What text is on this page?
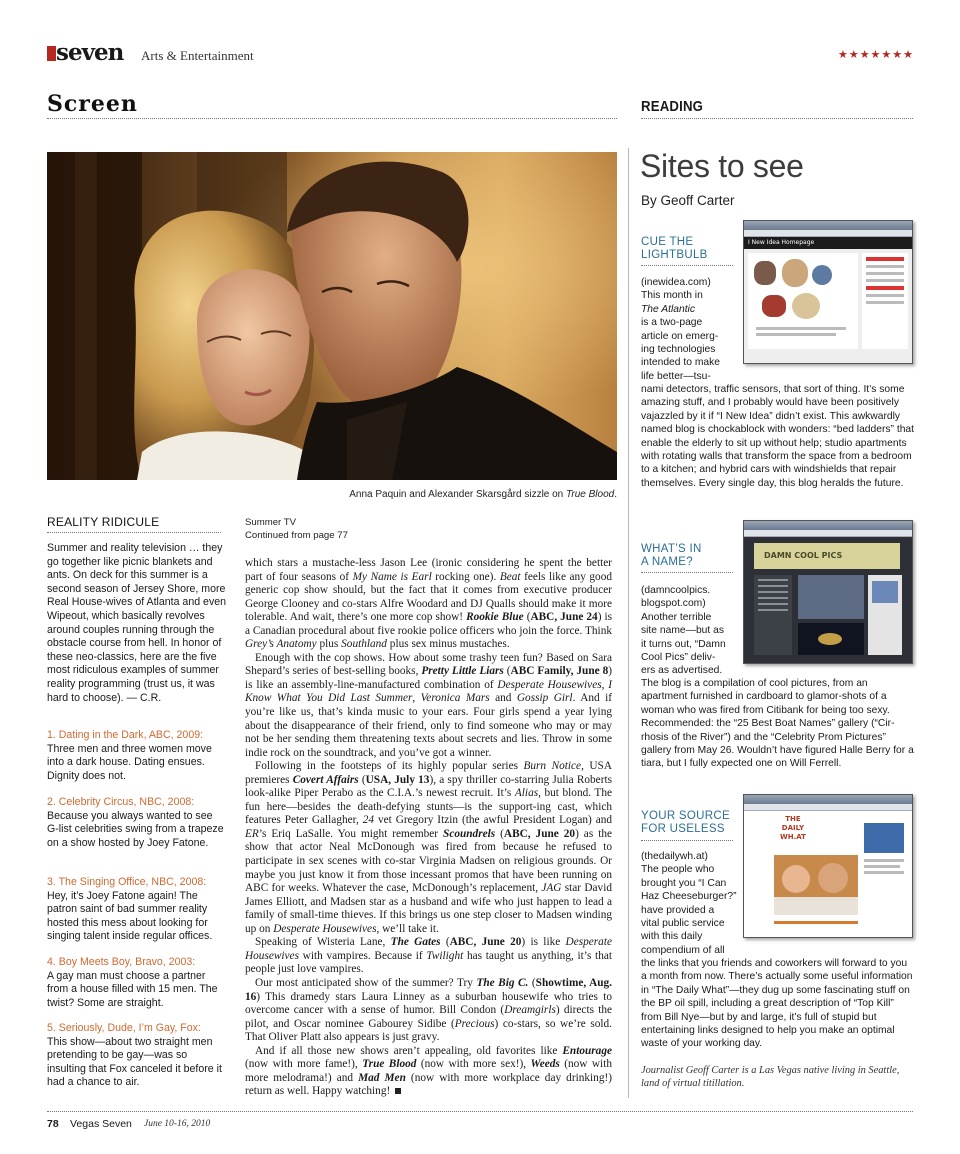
seven Arts & Entertainment	★★★★★★★
Screen	READING
Anna Paquin and Alexander Skarsgård sizzle on True Blood.
REALITY RIDICULE
Summer and reality television … they go together like picnic blankets and ants. On deck for this summer is a second season of Jersey Shore, more Real House-wives of Atlanta and even Wipeout, which basically revolves around couples running through the obstacle course from hell. In honor of these neo-classics, here are the five most ridiculous examples of summer reality programming (trust us, it was hard to choose). — C.R.
1. Dating in the Dark, ABC, 2009:
Three men and three women move into a dark house. Dating ensues. Dignity does not.
2. Celebrity Circus, NBC, 2008:
Because you always wanted to see G-list celebrities swing from a trapeze on a show hosted by Joey Fatone.
3. The Singing Office, NBC, 2008:
Hey, it’s Joey Fatone again! The patron saint of bad summer reality hosted this mess about looking for singing talent inside regular offices.
4. Boy Meets Boy, Bravo, 2003:
A gay man must choose a partner from a house filled with 15 men. The twist? Some are straight.
5. Seriously, Dude, I’m Gay, Fox:
This show—about two straight men pretending to be gay—was so insulting that Fox canceled it before it had a chance to air.
Summer TV
Continued from page 77

which stars a mustache-less Jason Lee (ironic considering he spent the better part of four seasons of My Name is Earl rocking one). Beat feels like any good generic cop show should, but the fact that it comes from executive producer George Clooney and co-stars Alfre Woodard and DJ Qualls should make it more tolerable. And wait, there’s one more cop show! Rookie Blue (ABC, June 24) is a Canadian procedural about five rookie police officers who join the force. Think Grey’s Anatomy plus Southland plus sex minus mustaches.

Enough with the cop shows. How about some trashy teen fun? Based on Sara Shepard’s series of best-selling books, Pretty Little Liars (ABC Family, June 8) is like an assembly-line-manufactured combination of Desperate Housewives, I Know What You Did Last Summer, Veronica Mars and Gossip Girl. And if you’re like us, that’s kinda music to your ears. Four girls spend a year lying about the disappearance of their friend, only to find someone who may or may not be her sending them threatening texts about secrets and lies. Throw in some indie rock on the soundtrack, and you’ve got a winner.

Following in the footsteps of its highly popular series Burn Notice, USA premieres Covert Affairs (USA, July 13), a spy thriller co-starring Julia Roberts look-alike Piper Perabo as the C.I.A.’s newest recruit. It’s Alias, but blond. The fun here—besides the death-defying stunts—is the support-ing cast, which features Peter Gallagher, 24 vet Gregory Itzin (the awful President Logan) and ER’s Eriq LaSalle. You might remember Scoundrels (ABC, June 20) as the show that actor Neal McDonough was fired from because he refused to participate in sex scenes with co-star Virginia Madsen on religious grounds. Or maybe you just know it from those incessant promos that have been running on ABC for weeks. Whatever the case, McDonough’s replacement, JAG star David James Elliott, and Madsen star as a husband and wife who just happen to lead a family of small-time thieves. If this brings us one step closer to Madsen winding up on Desperate Housewives, we’ll take it.

Speaking of Wisteria Lane, The Gates (ABC, June 20) is like Desperate Housewives with vampires. Because if Twilight has taught us anything, it’s that people just love vampires.

Our most anticipated show of the summer? Try The Big C. (Showtime, Aug. 16) This dramedy stars Laura Linney as a suburban housewife who tries to overcome cancer with a sense of humor. Bill Condon (Dreamgirls) directs the pilot, and Oscar nominee Gabourey Sidibe (Precious) co-stars, so we’re sold. That Oliver Platt also appears is just gravy.

And if all those new shows aren’t appealing, old favorites like Entourage (now with more fame!), True Blood (now with more sex!), Weeds (now with more melodrama!) and Mad Men (now with more workplace day drinking!) return as well. Happy watching!

Sites to see
By Geoff Carter
CUE THE
LIGHTBULB
I New Idea Homepage
(inewidea.com)
This month in
The Atlantic
is a two-page
article on emerg-
ing technologies
intended to make
life better—tsu-
nami detectors, traffic sensors, that sort of thing. It’s some amazing stuff, and I probably would have been positively vajazzled by it if “I New Idea” didn’t exist. This awkwardly named blog is chockablock with wonders: “bed ladders” that enable the elderly to sit up without help; studio apartments with rotating walls that transform the space from a bedroom to a kitchen; and hybrid cars with windshields that repair themselves. Every single day, this blog heralds the future.
WHAT’S IN
A NAME?
DAMN COOL PICS
(damncoolpics.
blogspot.com)
Another terrible
site name—but as
it turns out, “Damn
Cool Pics” deliv-
ers as advertised.
The blog is a compilation of cool pictures, from an apartment furnished in cardboard to glamor-shots of a woman who was fired from Citibank for being too sexy. Recommended: the “25 Best Boat Names” gallery (“Cir-rhosis of the River”) and the “Celebrity Prom Pictures” gallery from May 26. Wouldn’t have figured Halle Berry for a tiara, but I fully expected one on Will Ferrell.
YOUR SOURCE
FOR USELESS
THE
DAILY
WH.AT
(thedailywh.at)
The people who
brought you “I Can
Haz Cheeseburger?”
have provided a
vital public service
with this daily
compendium of all
the links that you friends and coworkers will forward to you a month from now. There’s actually some useful information in “The Daily What”—they dug up some fascinating stuff on the BP oil spill, including a great description of “Top Kill” from Bill Nye—but by and large, it’s full of stupid but entertaining links designed to help you make an optimal waste of your working day.
Journalist Geoff Carter is a Las Vegas native living in Seattle, land of virtual titillation.
78 Vegas Seven June 10-16, 2010
